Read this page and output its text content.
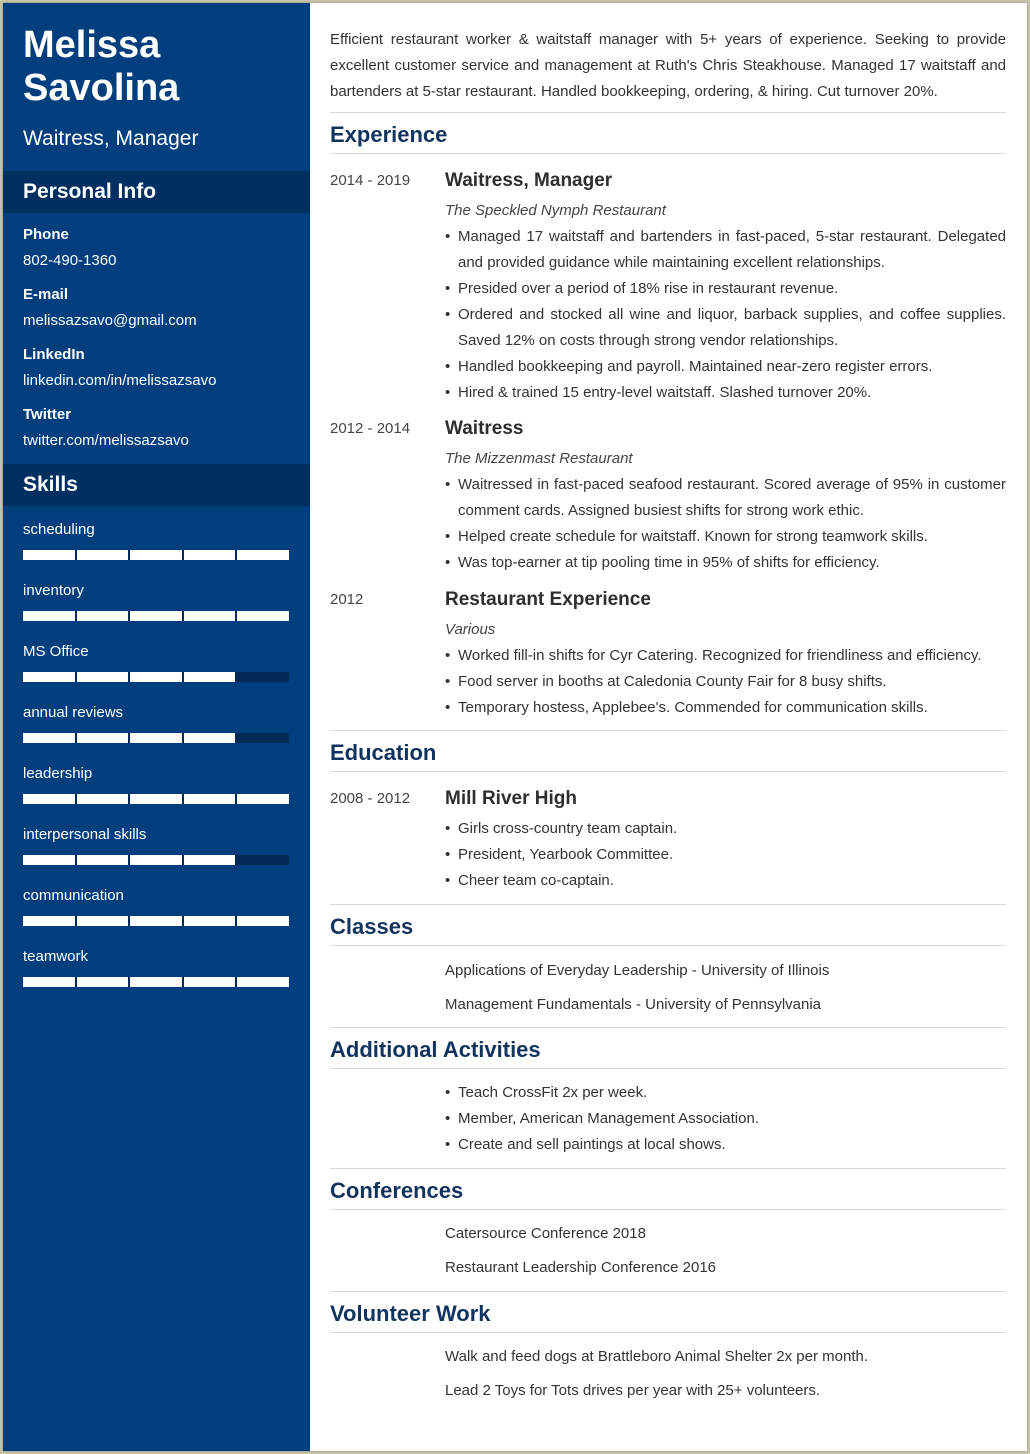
Melissa Savolina
Waitress, Manager
Personal Info
Phone
802-490-1360
E-mail
melissazsavo@gmail.com
LinkedIn
linkedin.com/in/melissazsavo
Twitter
twitter.com/melissazsavo
Skills
scheduling
inventory
MS Office
annual reviews
leadership
interpersonal skills
communication
teamwork
Efficient restaurant worker & waitstaff manager with 5+ years of experience. Seeking to provide excellent customer service and management at Ruth's Chris Steakhouse. Managed 17 waitstaff and bartenders at 5-star restaurant. Handled bookkeeping, ordering, & hiring. Cut turnover 20%.
Experience
2014 - 2019	Waitress, Manager
The Speckled Nymph Restaurant
• Managed 17 waitstaff and bartenders in fast-paced, 5-star restaurant. Delegated and provided guidance while maintaining excellent relationships.
• Presided over a period of 18% rise in restaurant revenue.
• Ordered and stocked all wine and liquor, barback supplies, and coffee supplies. Saved 12% on costs through strong vendor relationships.
• Handled bookkeeping and payroll. Maintained near-zero register errors.
• Hired & trained 15 entry-level waitstaff. Slashed turnover 20%.
2012 - 2014	Waitress
The Mizzenmast Restaurant
• Waitressed in fast-paced seafood restaurant. Scored average of 95% in customer comment cards. Assigned busiest shifts for strong work ethic.
• Helped create schedule for waitstaff. Known for strong teamwork skills.
• Was top-earner at tip pooling time in 95% of shifts for efficiency.
2012	Restaurant Experience
Various
• Worked fill-in shifts for Cyr Catering. Recognized for friendliness and efficiency.
• Food server in booths at Caledonia County Fair for 8 busy shifts.
• Temporary hostess, Applebee's. Commended for communication skills.
Education
2008 - 2012	Mill River High
• Girls cross-country team captain.
• President, Yearbook Committee.
• Cheer team co-captain.
Classes
Applications of Everyday Leadership - University of Illinois
Management Fundamentals - University of Pennsylvania
Additional Activities
• Teach CrossFit 2x per week.
• Member, American Management Association.
• Create and sell paintings at local shows.
Conferences
Catersource Conference 2018
Restaurant Leadership Conference 2016
Volunteer Work
Walk and feed dogs at Brattleboro Animal Shelter 2x per month.
Lead 2 Toys for Tots drives per year with 25+ volunteers.
